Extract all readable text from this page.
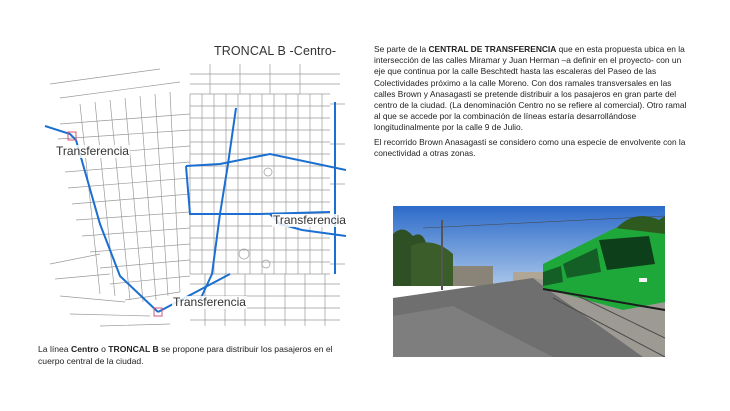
TRONCAL B -Centro-
Transferencia
Transferencia
Transferencia
La línea Centro o TRONCAL B se propone para distribuir los pasajeros en el cuerpo central de la ciudad.
Se parte de la CENTRAL DE TRANSFERENCIA que en esta propuesta ubica en la intersección de las calles Miramar y Juan Herman –a definir en el proyecto- con un eje que continua por la calle Beschtedt hasta las escaleras del Paseo de las Colectividades próximo a la calle Moreno. Con dos ramales transversales en las calles Brown y Anasagasti se pretende distribuir a los pasajeros en gran parte del centro de la ciudad. (La denominación Centro no se refiere al comercial). Otro ramal al que se accede por la combinación de líneas estaría desarrollándose longitudinalmente por la calle 9 de Julio.
El recorrido Brown Anasagasti se considero como una especie de envolvente con la conectividad a otras zonas.
